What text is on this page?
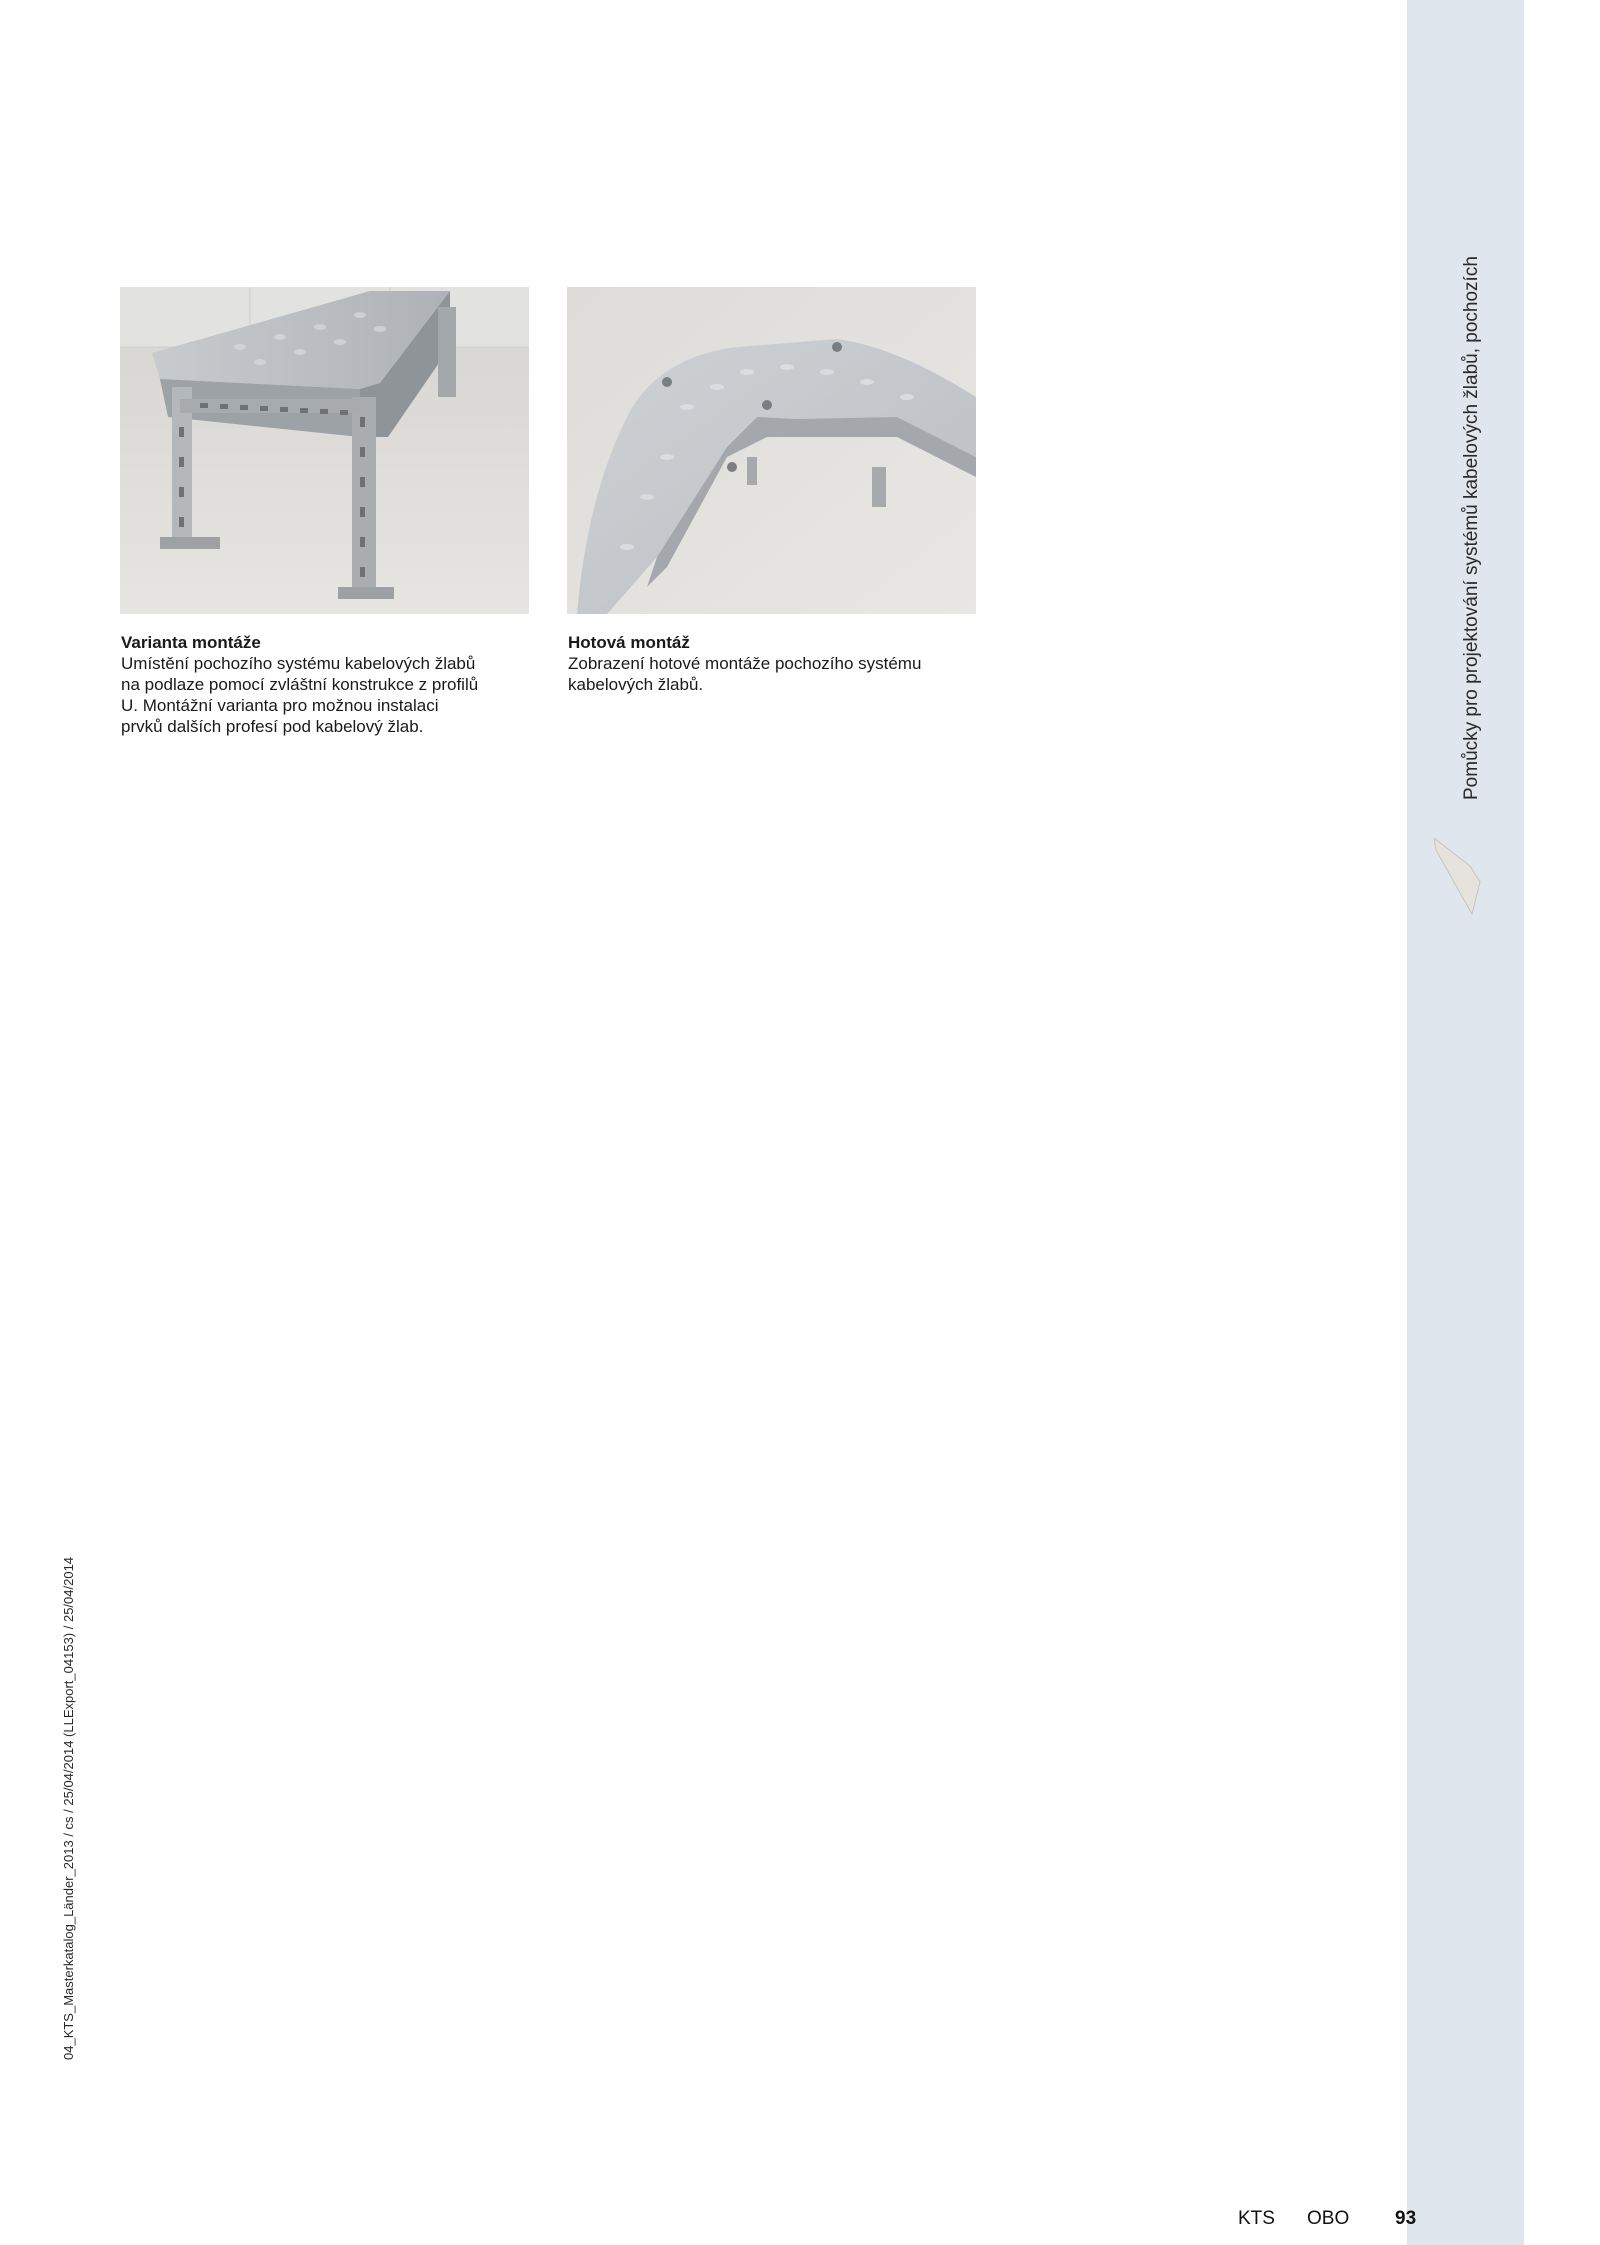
Pomůcky pro projektování systémů kabelových žlabů, pochozích
Varianta montáže
Umístění pochozího systému kabelových žlabů
na podlaze pomocí zvláštní konstrukce z profilů
U. Montážní varianta pro možnou instalaci
prvků dalších profesí pod kabelový žlab.
Hotová montáž
Zobrazení hotové montáže pochozího systému
kabelových žlabů.
04_KTS_Masterkatalog_Länder_2013 / cs / 25/04/2014 (LLExport_04153) / 25/04/2014
KTS OBO 93
